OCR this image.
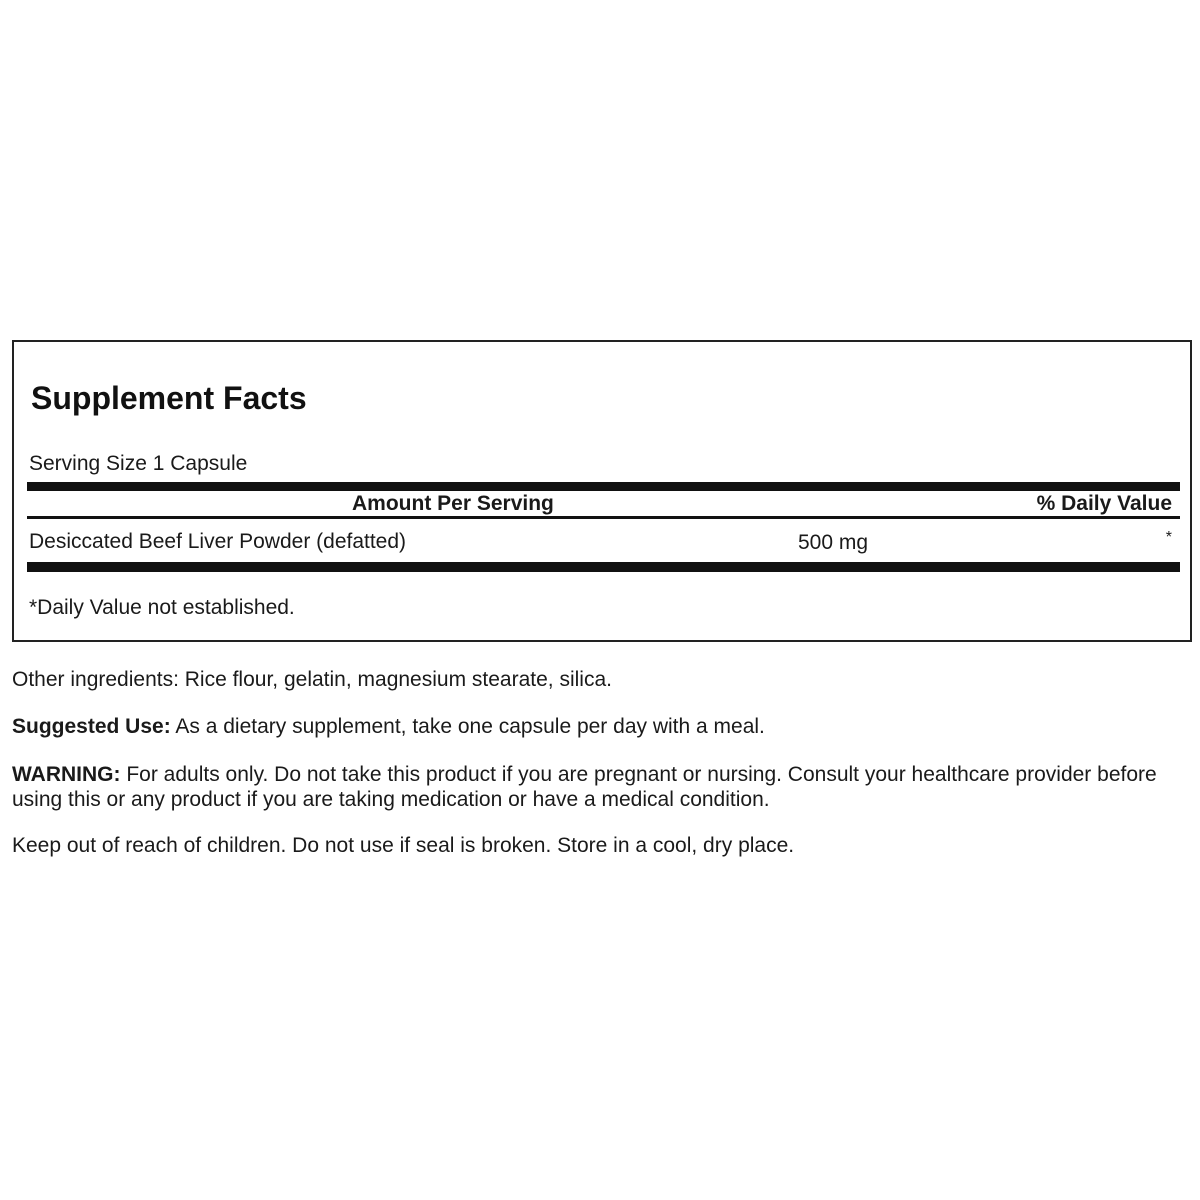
Supplement Facts
Serving Size 1 Capsule
Amount Per Serving	% Daily Value
Desiccated Beef Liver Powder (defatted)	500 mg	*
*Daily Value not established.
Other ingredients: Rice flour, gelatin, magnesium stearate, silica.
Suggested Use: As a dietary supplement, take one capsule per day with a meal.
WARNING: For adults only. Do not take this product if you are pregnant or nursing. Consult your healthcare provider before using this or any product if you are taking medication or have a medical condition.
Keep out of reach of children. Do not use if seal is broken. Store in a cool, dry place.
